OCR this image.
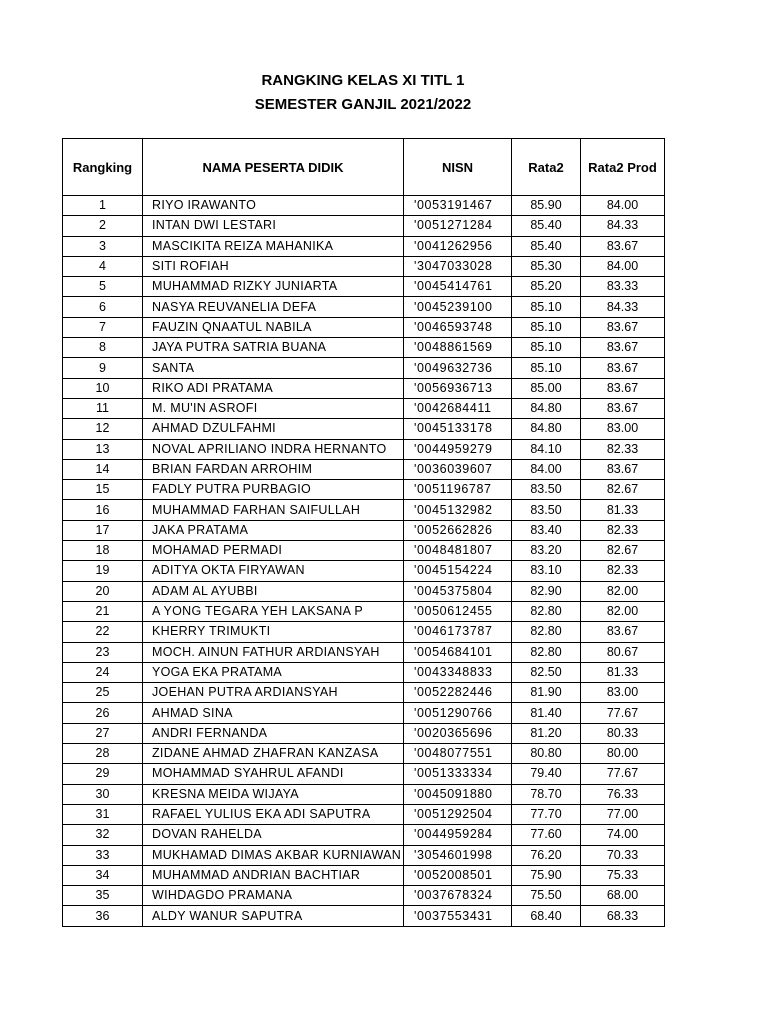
RANGKING KELAS XI TITL 1
SEMESTER GANJIL 2021/2022
Rangking	NAMA PESERTA DIDIK	NISN	Rata2	Rata2 Prod
1	RIYO IRAWANTO	'0053191467	85.90	84.00
2	INTAN DWI LESTARI	'0051271284	85.40	84.33
3	MASCIKITA REIZA MAHANIKA	'0041262956	85.40	83.67
4	SITI ROFIAH	'3047033028	85.30	84.00
5	MUHAMMAD RIZKY JUNIARTA	'0045414761	85.20	83.33
6	NASYA REUVANELIA DEFA	'0045239100	85.10	84.33
7	FAUZIN QNAATUL NABILA	'0046593748	85.10	83.67
8	JAYA PUTRA SATRIA BUANA	'0048861569	85.10	83.67
9	SANTA	'0049632736	85.10	83.67
10	RIKO ADI PRATAMA	'0056936713	85.00	83.67
11	M. MU'IN ASROFI	'0042684411	84.80	83.67
12	AHMAD DZULFAHMI	'0045133178	84.80	83.00
13	NOVAL APRILIANO INDRA HERNANTO	'0044959279	84.10	82.33
14	BRIAN FARDAN ARROHIM	'0036039607	84.00	83.67
15	FADLY PUTRA PURBAGIO	'0051196787	83.50	82.67
16	MUHAMMAD FARHAN SAIFULLAH	'0045132982	83.50	81.33
17	JAKA PRATAMA	'0052662826	83.40	82.33
18	MOHAMAD PERMADI	'0048481807	83.20	82.67
19	ADITYA OKTA FIRYAWAN	'0045154224	83.10	82.33
20	ADAM AL AYUBBI	'0045375804	82.90	82.00
21	A YONG TEGARA YEH LAKSANA P	'0050612455	82.80	82.00
22	KHERRY TRIMUKTI	'0046173787	82.80	83.67
23	MOCH. AINUN FATHUR ARDIANSYAH	'0054684101	82.80	80.67
24	YOGA EKA PRATAMA	'0043348833	82.50	81.33
25	JOEHAN PUTRA ARDIANSYAH	'0052282446	81.90	83.00
26	AHMAD SINA	'0051290766	81.40	77.67
27	ANDRI FERNANDA	'0020365696	81.20	80.33
28	ZIDANE AHMAD ZHAFRAN KANZASA	'0048077551	80.80	80.00
29	MOHAMMAD SYAHRUL AFANDI	'0051333334	79.40	77.67
30	KRESNA MEIDA WIJAYA	'0045091880	78.70	76.33
31	RAFAEL YULIUS EKA ADI SAPUTRA	'0051292504	77.70	77.00
32	DOVAN RAHELDA	'0044959284	77.60	74.00
33	MUKHAMAD DIMAS AKBAR KURNIAWAN	'3054601998	76.20	70.33
34	MUHAMMAD ANDRIAN BACHTIAR	'0052008501	75.90	75.33
35	WIHDAGDO PRAMANA	'0037678324	75.50	68.00
36	ALDY WANUR SAPUTRA	'0037553431	68.40	68.33
